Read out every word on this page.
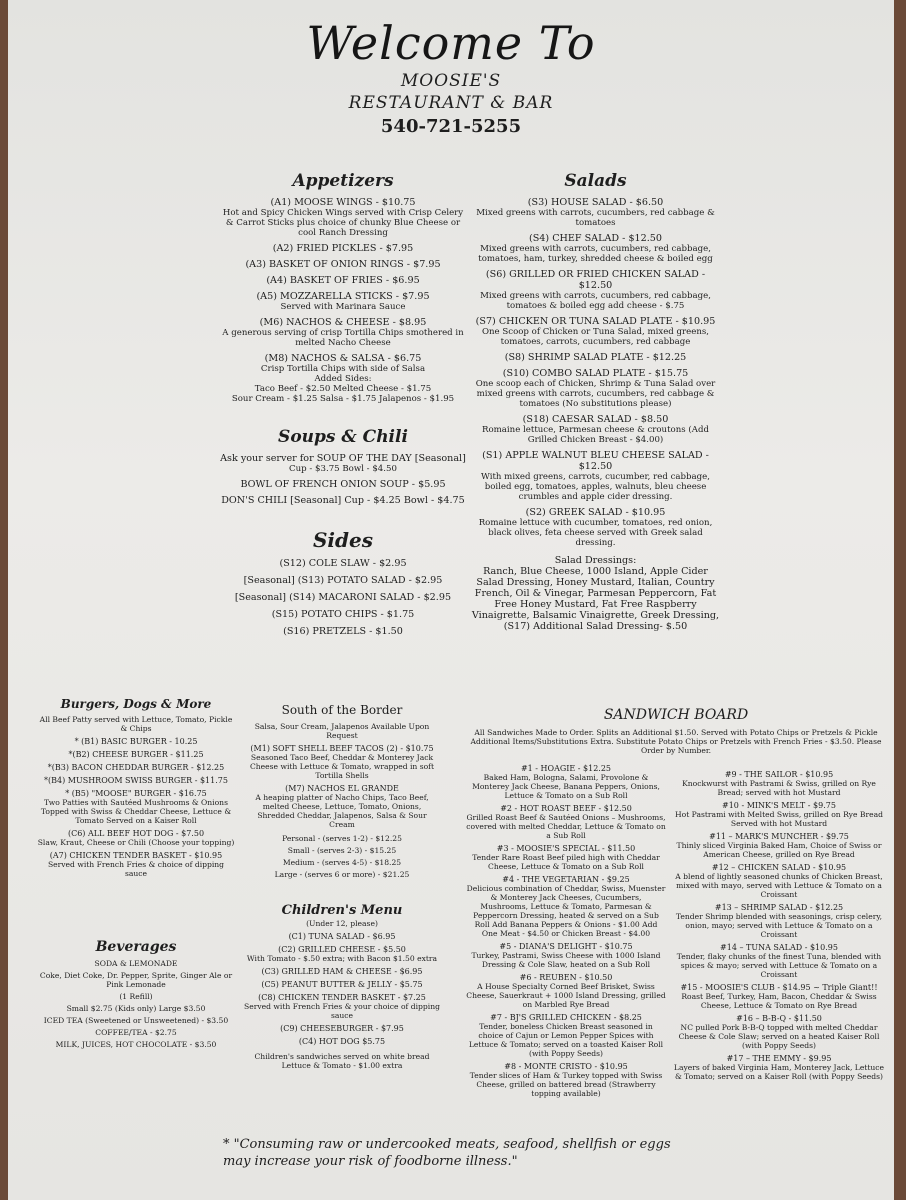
Welcome To
MOOSIE'S
RESTAURANT & BAR
540-721-5255
Appetizers
(A1) MOOSE WINGS - $10.75
Hot and Spicy Chicken Wings served with Crisp Celery & Carrot Sticks plus choice of chunky Blue Cheese or cool Ranch Dressing
(A2) FRIED PICKLES - $7.95
(A3) BASKET OF ONION RINGS - $7.95
(A4) BASKET OF FRIES - $6.95
(A5) MOZZARELLA STICKS - $7.95
Served with Marinara Sauce
(M6) NACHOS & CHEESE - $8.95
A generous serving of crisp Tortilla Chips smothered in melted Nacho Cheese
(M8) NACHOS & SALSA - $6.75
Crisp Tortilla Chips with side of Salsa
Added Sides:
Taco Beef - $2.50 Melted Cheese - $1.75
Sour Cream - $1.25 Salsa - $1.75 Jalapenos - $1.95
Soups & Chili
Ask your server for SOUP OF THE DAY [Seasonal]
Cup - $3.75 Bowl - $4.50
BOWL OF FRENCH ONION SOUP - $5.95
DON'S CHILI [Seasonal] Cup - $4.25 Bowl - $4.75
Sides
(S12) COLE SLAW - $2.95
[Seasonal] (S13) POTATO SALAD - $2.95
[Seasonal] (S14) MACARONI SALAD - $2.95
(S15) POTATO CHIPS - $1.75
(S16) PRETZELS - $1.50
Salads
(S3) HOUSE SALAD - $6.50
Mixed greens with carrots, cucumbers, red cabbage & tomatoes
(S4) CHEF SALAD - $12.50
Mixed greens with carrots, cucumbers, red cabbage, tomatoes, ham, turkey, shredded cheese & boiled egg
(S6) GRILLED OR FRIED CHICKEN SALAD - $12.50
Mixed greens with carrots, cucumbers, red cabbage, tomatoes & boiled egg add cheese - $.75
(S7) CHICKEN OR TUNA SALAD PLATE - $10.95
One Scoop of Chicken or Tuna Salad, mixed greens, tomatoes, carrots, cucumbers, red cabbage
(S8) SHRIMP SALAD PLATE - $12.25
(S10) COMBO SALAD PLATE - $15.75
One scoop each of Chicken, Shrimp & Tuna Salad over mixed greens with carrots, cucumbers, red cabbage & tomatoes (No substitutions please)
(S18) CAESAR SALAD - $8.50
Romaine lettuce, Parmesan cheese & croutons (Add Grilled Chicken Breast - $4.00)
(S1) APPLE WALNUT BLEU CHEESE SALAD - $12.50
With mixed greens, carrots, cucumber, red cabbage, boiled egg, tomatoes, apples, walnuts, bleu cheese crumbles and apple cider dressing.
(S2) GREEK SALAD - $10.95
Romaine lettuce with cucumber, tomatoes, red onion, black olives, feta cheese served with Greek salad dressing.
Salad Dressings:
Ranch, Blue Cheese, 1000 Island, Apple Cider Salad Dressing, Honey Mustard, Italian, Country French, Oil & Vinegar, Parmesan Peppercorn, Fat Free Honey Mustard, Fat Free Raspberry Vinaigrette, Balsamic Vinaigrette, Greek Dressing,
(S17) Additional Salad Dressing- $.50
Burgers, Dogs & More
All Beef Patty served with Lettuce, Tomato, Pickle & Chips
* (B1) BASIC BURGER - 10.25
*(B2) CHEESE BURGER - $11.25
*(B3) BACON CHEDDAR BURGER - $12.25
*(B4) MUSHROOM SWISS BURGER - $11.75
* (B5) "MOOSE" BURGER - $16.75
Two Patties with Sautéed Mushrooms & Onions Topped with Swiss & Cheddar Cheese, Lettuce & Tomato Served on a Kaiser Roll
(C6) ALL BEEF HOT DOG - $7.50
Slaw, Kraut, Cheese or Chili (Choose your topping)
(A7) CHICKEN TENDER BASKET - $10.95
Served with French Fries & choice of dipping sauce
Beverages
SODA & LEMONADE
Coke, Diet Coke, Dr. Pepper, Sprite, Ginger Ale or Pink Lemonade
(1 Refill)
Small $2.75 (Kids only) Large $3.50
ICED TEA (Sweetened or Unsweetened) - $3.50
COFFEE/TEA - $2.75
MILK, JUICES, HOT CHOCOLATE - $3.50
South of the Border
Salsa, Sour Cream, Jalapenos Available Upon Request
(M1) SOFT SHELL BEEF TACOS (2) - $10.75
Seasoned Taco Beef, Cheddar & Monterey Jack Cheese with Lettuce & Tomato, wrapped in soft Tortilla Shells
(M7) NACHOS EL GRANDE
A heaping platter of Nacho Chips, Taco Beef, melted Cheese, Lettuce, Tomato, Onions, Shredded Cheddar, Jalapenos, Salsa & Sour Cream
Personal - (serves 1-2) - $12.25
Small - (serves 2-3) - $15.25
Medium - (serves 4-5) - $18.25
Large - (serves 6 or more) - $21.25
Children's Menu
(Under 12, please)
(C1) TUNA SALAD - $6.95
(C2) GRILLED CHEESE - $5.50
With Tomato - $.50 extra; with Bacon $1.50 extra
(C3) GRILLED HAM & CHEESE - $6.95
(C5) PEANUT BUTTER & JELLY - $5.75
(C8) CHICKEN TENDER BASKET - $7.25
Served with French Fries & your choice of dipping sauce
(C9) CHEESEBURGER - $7.95
(C4) HOT DOG $5.75
Children's sandwiches served on white bread Lettuce & Tomato - $1.00 extra
SANDWICH BOARD
All Sandwiches Made to Order. Splits an Additional $1.50. Served with Potato Chips or Pretzels & Pickle Additional Items/Substitutions Extra. Substitute Potato Chips or Pretzels with French Fries - $3.50. Please Order by Number.
#1 - HOAGIE - $12.25
Baked Ham, Bologna, Salami, Provolone & Monterey Jack Cheese, Banana Peppers, Onions, Lettuce & Tomato on a Sub Roll
#2 - HOT ROAST BEEF - $12.50
Grilled Roast Beef & Sautéed Onions – Mushrooms, covered with melted Cheddar, Lettuce & Tomato on a Sub Roll
#3 - MOOSIE'S SPECIAL - $11.50
Tender Rare Roast Beef piled high with Cheddar Cheese, Lettuce & Tomato on a Sub Roll
#4 - THE VEGETARIAN - $9.25
Delicious combination of Cheddar, Swiss, Muenster & Monterey Jack Cheeses, Cucumbers, Mushrooms, Lettuce & Tomato, Parmesan & Peppercorn Dressing, heated & served on a Sub Roll Add Banana Peppers & Onions - $1.00 Add One Meat - $4.50 or Chicken Breast - $4.00
#5 - DIANA'S DELIGHT - $10.75
Turkey, Pastrami, Swiss Cheese with 1000 Island Dressing & Cole Slaw, heated on a Sub Roll
#6 - REUBEN - $10.50
A House Specialty Corned Beef Brisket, Swiss Cheese, Sauerkraut + 1000 Island Dressing, grilled on Marbled Rye Bread
#7 - BJ'S GRILLED CHICKEN - $8.25
Tender, boneless Chicken Breast seasoned in choice of Cajun or Lemon Pepper Spices with Lettuce & Tomato; served on a toasted Kaiser Roll (with Poppy Seeds)
#8 - MONTE CRISTO - $10.95
Tender slices of Ham & Turkey topped with Swiss Cheese, grilled on battered bread (Strawberry topping available)
#9 - THE SAILOR - $10.95
Knockwurst with Pastrami & Swiss, grilled on Rye Bread; served with hot Mustard
#10 - MINK'S MELT - $9.75
Hot Pastrami with Melted Swiss, grilled on Rye Bread Served with hot Mustard
#11 – MARK'S MUNCHER - $9.75
Thinly sliced Virginia Baked Ham, Choice of Swiss or American Cheese, grilled on Rye Bread
#12 – CHICKEN SALAD - $10.95
A blend of lightly seasoned chunks of Chicken Breast, mixed with mayo, served with Lettuce & Tomato on a Croissant
#13 – SHRIMP SALAD - $12.25
Tender Shrimp blended with seasonings, crisp celery, onion, mayo; served with Lettuce & Tomato on a Croissant
#14 – TUNA SALAD - $10.95
Tender, flaky chunks of the finest Tuna, blended with spices & mayo; served with Lettuce & Tomato on a Croissant
#15 - MOOSIE'S CLUB - $14.95 ~ Triple Giant!!
Roast Beef, Turkey, Ham, Bacon, Cheddar & Swiss Cheese, Lettuce & Tomato on Rye Bread
#16 – B-B-Q - $11.50
NC pulled Pork B-B-Q topped with melted Cheddar Cheese & Cole Slaw; served on a heated Kaiser Roll (with Poppy Seeds)
#17 – THE EMMY - $9.95
Layers of baked Virginia Ham, Monterey Jack, Lettuce & Tomato; served on a Kaiser Roll (with Poppy Seeds)
* "Consuming raw or undercooked meats, seafood, shellfish or eggs may increase your risk of foodborne illness."
